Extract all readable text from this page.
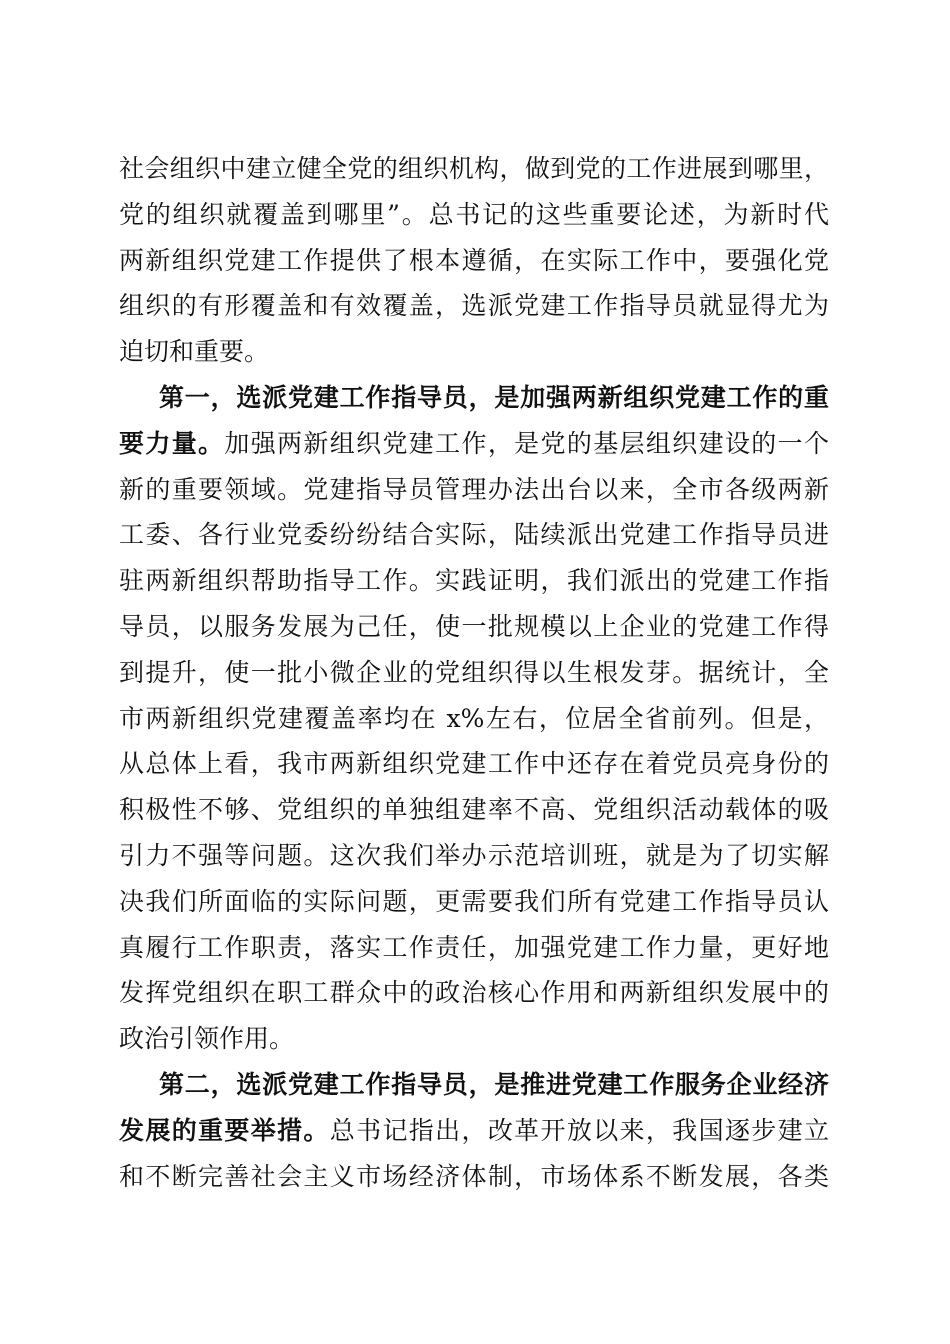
社会组织中建立健全党的组织机构，做到党的工作进展到哪里，
党的组织就覆盖到哪里”。总书记的这些重要论述，为新时代
两新组织党建工作提供了根本遵循，在实际工作中，要强化党
组织的有形覆盖和有效覆盖，选派党建工作指导员就显得尤为
迫切和重要。
第一，选派党建工作指导员，是加强两新组织党建工作的重
要力量。加强两新组织党建工作，是党的基层组织建设的一个
新的重要领域。党建指导员管理办法出台以来，全市各级两新
工委、各行业党委纷纷结合实际，陆续派出党建工作指导员进
驻两新组织帮助指导工作。实践证明，我们派出的党建工作指
导员，以服务发展为己任，使一批规模以上企业的党建工作得
到提升，使一批小微企业的党组织得以生根发芽。据统计，全
市两新组织党建覆盖率均在 x%左右，位居全省前列。但是，
从总体上看，我市两新组织党建工作中还存在着党员亮身份的
积极性不够、党组织的单独组建率不高、党组织活动载体的吸
引力不强等问题。这次我们举办示范培训班，就是为了切实解
决我们所面临的实际问题，更需要我们所有党建工作指导员认
真履行工作职责，落实工作责任，加强党建工作力量，更好地
发挥党组织在职工群众中的政治核心作用和两新组织发展中的
政治引领作用。
第二，选派党建工作指导员，是推进党建工作服务企业经济
发展的重要举措。总书记指出，改革开放以来，我国逐步建立
和不断完善社会主义市场经济体制，市场体系不断发展，各类
